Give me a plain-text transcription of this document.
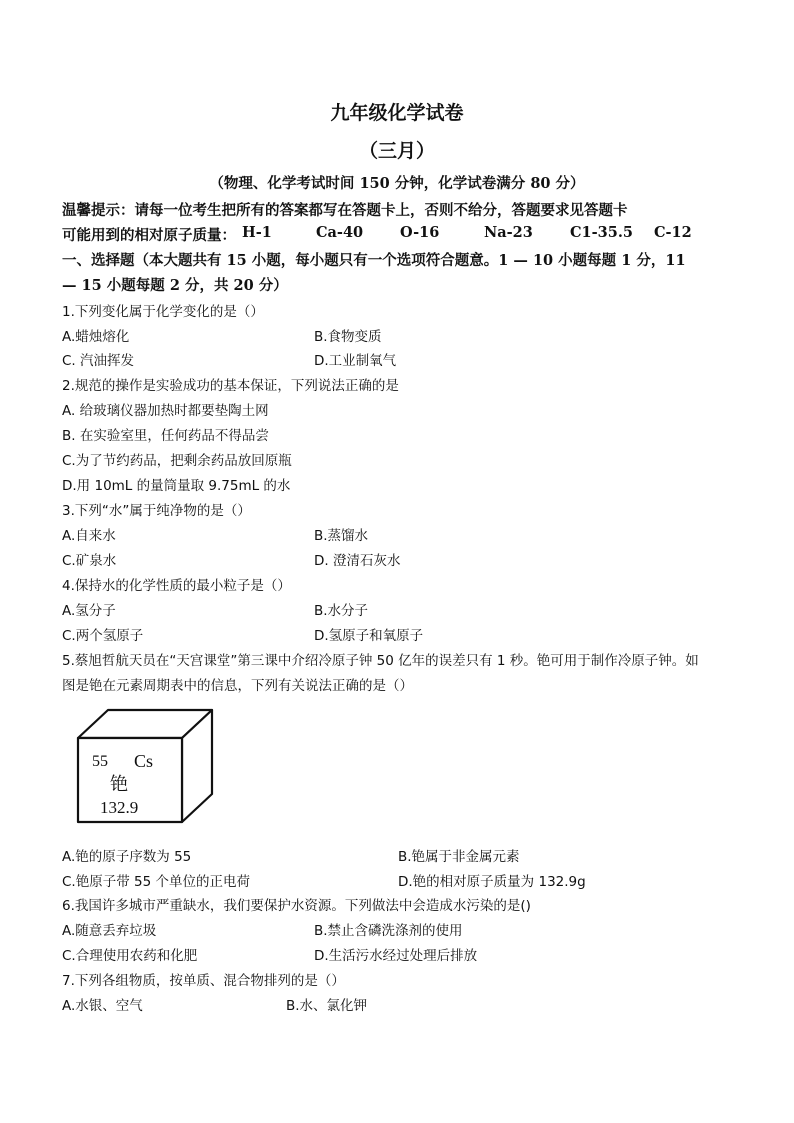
九年级化学试卷
（三月）
（物理、化学考试时间 150 分钟，化学试卷满分 80 分）
温馨提示：请每一位考生把所有的答案都写在答题卡上，否则不给分，答题要求见答题卡
可能用到的相对原子质量： H-1	Ca-40	O-16	Na-23	C1-35.5 C-12
一、选择题（本大题共有 15 小题，每小题只有一个选项符合题意。1 — 10 小题每题 1 分，11
— 15 小题每题 2 分，共 20 分）
1.下列变化属于化学变化的是（）
A.蜡烛熔化	B.食物变质
C. 汽油挥发	D.工业制氧气
2.规范的操作是实验成功的基本保证，下列说法正确的是
A. 给玻璃仪器加热时都要垫陶土网
B. 在实验室里，任何药品不得品尝
C.为了节约药品，把剩余药品放回原瓶
D.用 10mL 的量筒量取 9.75mL 的水
3.下列“水”属于纯净物的是（）
A.自来水	B.蒸馏水
C.矿泉水	D. 澄清石灰水
4.保持水的化学性质的最小粒子是（）
A.氢分子	B.水分子
C.两个氢原子	D.氢原子和氧原子
5.蔡旭哲航天员在“天宫课堂”第三课中介绍冷原子钟 50 亿年的误差只有 1 秒。铯可用于制作冷原子钟。如
图是铯在元素周期表中的信息，下列有关说法正确的是（）
55 Cs
铯
132.9
A.铯的原子序数为 55	B.铯属于非金属元素
C.铯原子带 55 个单位的正电荷	D.铯的相对原子质量为 132.9g
6.我国许多城市严重缺水，我们要保护水资源。下列做法中会造成水污染的是()
A.随意丢弃垃圾	B.禁止含磷洗涤剂的使用
C.合理使用农药和化肥	D.生活污水经过处理后排放
7.下列各组物质，按单质、混合物排列的是（）
A.水银、空气	B.水、氯化钾
